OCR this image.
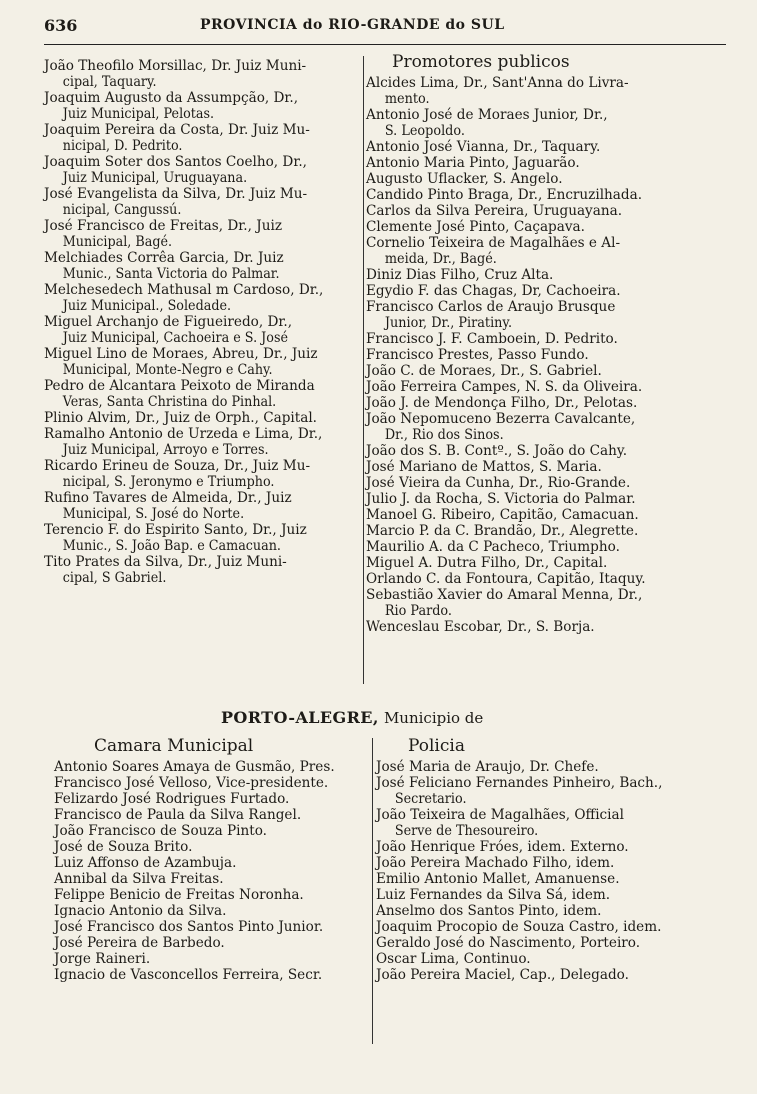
636	PROVINCIA do RIO-GRANDE do SUL
João Theofilo Morsillac, Dr. Juiz Muni-
cipal, Taquary.
Joaquim Augusto da Assumpção, Dr.,
Juiz Municipal, Pelotas.
Joaquim Pereira da Costa, Dr. Juiz Mu-
nicipal, D. Pedrito.
Joaquim Soter dos Santos Coelho, Dr.,
Juiz Municipal, Uruguayana.
José Evangelista da Silva, Dr. Juiz Mu-
nicipal, Cangussú.
José Francisco de Freitas, Dr., Juiz
Municipal, Bagé.
Melchiades Corrêa Garcia, Dr. Juiz
Munic., Santa Victoria do Palmar.
Melchesedech Mathusal m Cardoso, Dr.,
Juiz Municipal., Soledade.
Miguel Archanjo de Figueiredo, Dr.,
Juiz Municipal, Cachoeira e S. José
Miguel Lino de Moraes, Abreu, Dr., Juiz
Municipal, Monte-Negro e Cahy.
Pedro de Alcantara Peixoto de Miranda
Veras, Santa Christina do Pinhal.
Plinio Alvim, Dr., Juiz de Orph., Capital.
Ramalho Antonio de Urzeda e Lima, Dr.,
Juiz Municipal, Arroyo e Torres.
Ricardo Erineu de Souza, Dr., Juiz Mu-
nicipal, S. Jeronymo e Triumpho.
Rufino Tavares de Almeida, Dr., Juiz
Municipal, S. José do Norte.
Terencio F. do Espirito Santo, Dr., Juiz
Munic., S. João Bap. e Camacuan.
Tito Prates da Silva, Dr., Juiz Muni-
cipal, S Gabriel.
Promotores publicos
Alcides Lima, Dr., Sant'Anna do Livra-
mento.
Antonio José de Moraes Junior, Dr.,
S. Leopoldo.
Antonio José Vianna, Dr., Taquary.
Antonio Maria Pinto, Jaguarão.
Augusto Uflacker, S. Angelo.
Candido Pinto Braga, Dr., Encruzilhada.
Carlos da Silva Pereira, Uruguayana.
Clemente José Pinto, Caçapava.
Cornelio Teixeira de Magalhães e Al-
meida, Dr., Bagé.
Diniz Dias Filho, Cruz Alta.
Egydio F. das Chagas, Dr, Cachoeira.
Francisco Carlos de Araujo Brusque
Junior, Dr., Piratiny.
Francisco J. F. Camboein, D. Pedrito.
Francisco Prestes, Passo Fundo.
João C. de Moraes, Dr., S. Gabriel.
João Ferreira Campes, N. S. da Oliveira.
João J. de Mendonça Filho, Dr., Pelotas.
João Nepomuceno Bezerra Cavalcante,
Dr., Rio dos Sinos.
João dos S. B. Contº., S. João do Cahy.
José Mariano de Mattos, S. Maria.
José Vieira da Cunha, Dr., Rio-Grande.
Julio J. da Rocha, S. Victoria do Palmar.
Manoel G. Ribeiro, Capitão, Camacuan.
Marcio P. da C. Brandão, Dr., Alegrette.
Maurilio A. da C Pacheco, Triumpho.
Miguel A. Dutra Filho, Dr., Capital.
Orlando C. da Fontoura, Capitão, Itaquy.
Sebastião Xavier do Amaral Menna, Dr.,
Rio Pardo.
Wenceslau Escobar, Dr., S. Borja.
PORTO-ALEGRE, Municipio de
Camara Municipal
Antonio Soares Amaya de Gusmão, Pres.
Francisco José Velloso, Vice-presidente.
Felizardo José Rodrigues Furtado.
Francisco de Paula da Silva Rangel.
João Francisco de Souza Pinto.
José de Souza Brito.
Luiz Affonso de Azambuja.
Annibal da Silva Freitas.
Felippe Benicio de Freitas Noronha.
Ignacio Antonio da Silva.
José Francisco dos Santos Pinto Junior.
José Pereira de Barbedo.
Jorge Raineri.
Ignacio de Vasconcellos Ferreira, Secr.
Policia
José Maria de Araujo, Dr. Chefe.
José Feliciano Fernandes Pinheiro, Bach.,
Secretario.
João Teixeira de Magalhães, Official
Serve de Thesoureiro.
João Henrique Fróes, idem. Externo.
João Pereira Machado Filho, idem.
Emilio Antonio Mallet, Amanuense.
Luiz Fernandes da Silva Sá, idem.
Anselmo dos Santos Pinto, idem.
Joaquim Procopio de Souza Castro, idem.
Geraldo José do Nascimento, Porteiro.
Oscar Lima, Continuo.
João Pereira Maciel, Cap., Delegado.
